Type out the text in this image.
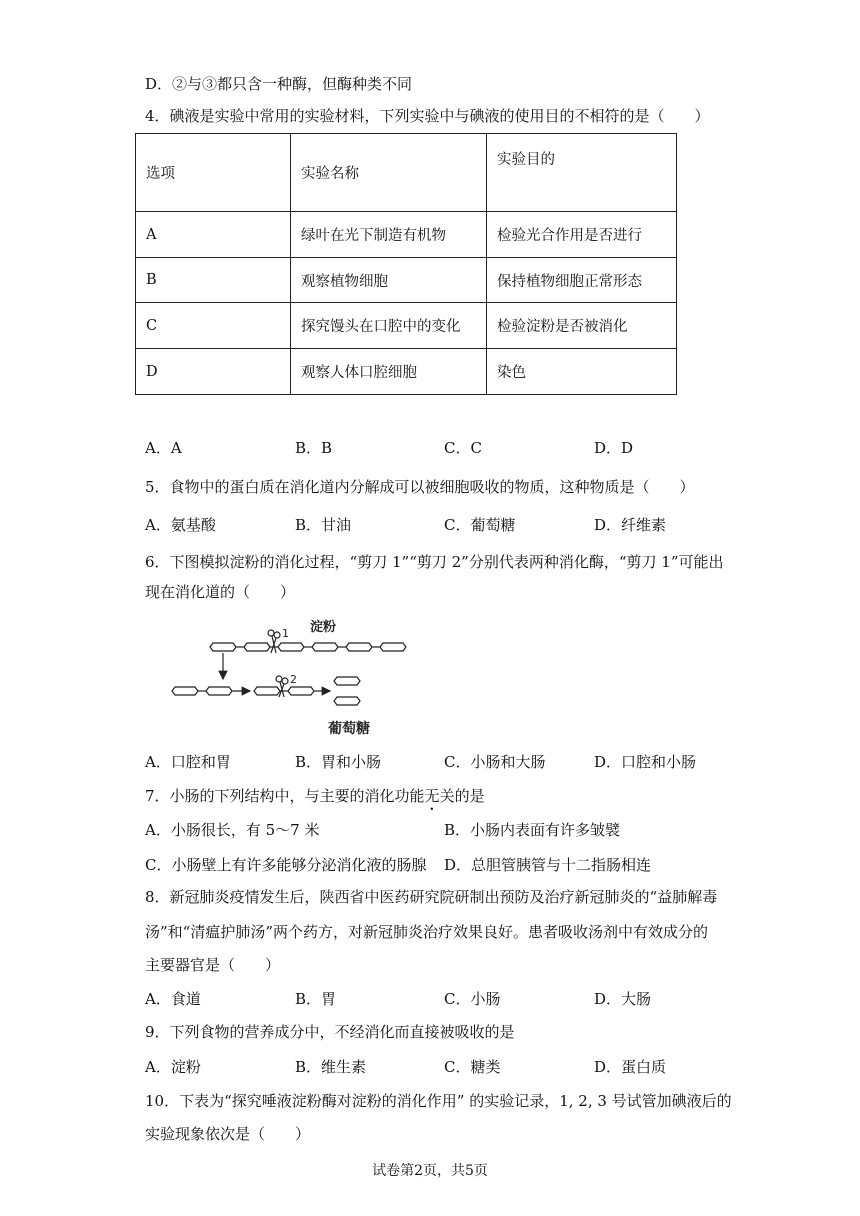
D．②与③都只含一种酶，但酶种类不同
4．碘液是实验中常用的实验材料，下列实验中与碘液的使用目的不相符的是（　　）
选项	实验名称	实验目的
A	绿叶在光下制造有机物	检验光合作用是否进行
B	观察植物细胞	保持植物细胞正常形态
C	探究馒头在口腔中的变化	检验淀粉是否被消化
D	观察人体口腔细胞	染色
A．A	B．B	C．C	D．D
5．食物中的蛋白质在消化道内分解成可以被细胞吸收的物质，这种物质是（　　）
A．氨基酸	B．甘油	C．葡萄糖	D．纤维素
6．下图模拟淀粉的消化过程，“剪刀 1”“剪刀 2”分别代表两种消化酶，“剪刀 1”可能出
现在消化道的（　　）
1 淀粉
2
葡萄糖
A．口腔和胃	B．胃和小肠	C．小肠和大肠	D．口腔和小肠
7．小肠的下列结构中，与主要的消化功能无关的是
A．小肠很长，有 5～7 米	B．小肠内表面有许多皱襞
C．小肠壁上有许多能够分泌消化液的肠腺 D．总胆管胰管与十二指肠相连
8．新冠肺炎疫情发生后，陕西省中医药研究院研制出预防及治疗新冠肺炎的“益肺解毒
汤”和“清瘟护肺汤”两个药方，对新冠肺炎治疗效果良好。患者吸收汤剂中有效成分的
主要器官是（　　）
A．食道	B．胃	C．小肠	D．大肠
9．下列食物的营养成分中，不经消化而直接被吸收的是
A．淀粉	B．维生素	C．糖类	D．蛋白质
10．下表为“探究唾液淀粉酶对淀粉的消化作用” 的实验记录，1, 2, 3 号试管加碘液后的
实验现象依次是（　　）
试卷第2页，共5页
